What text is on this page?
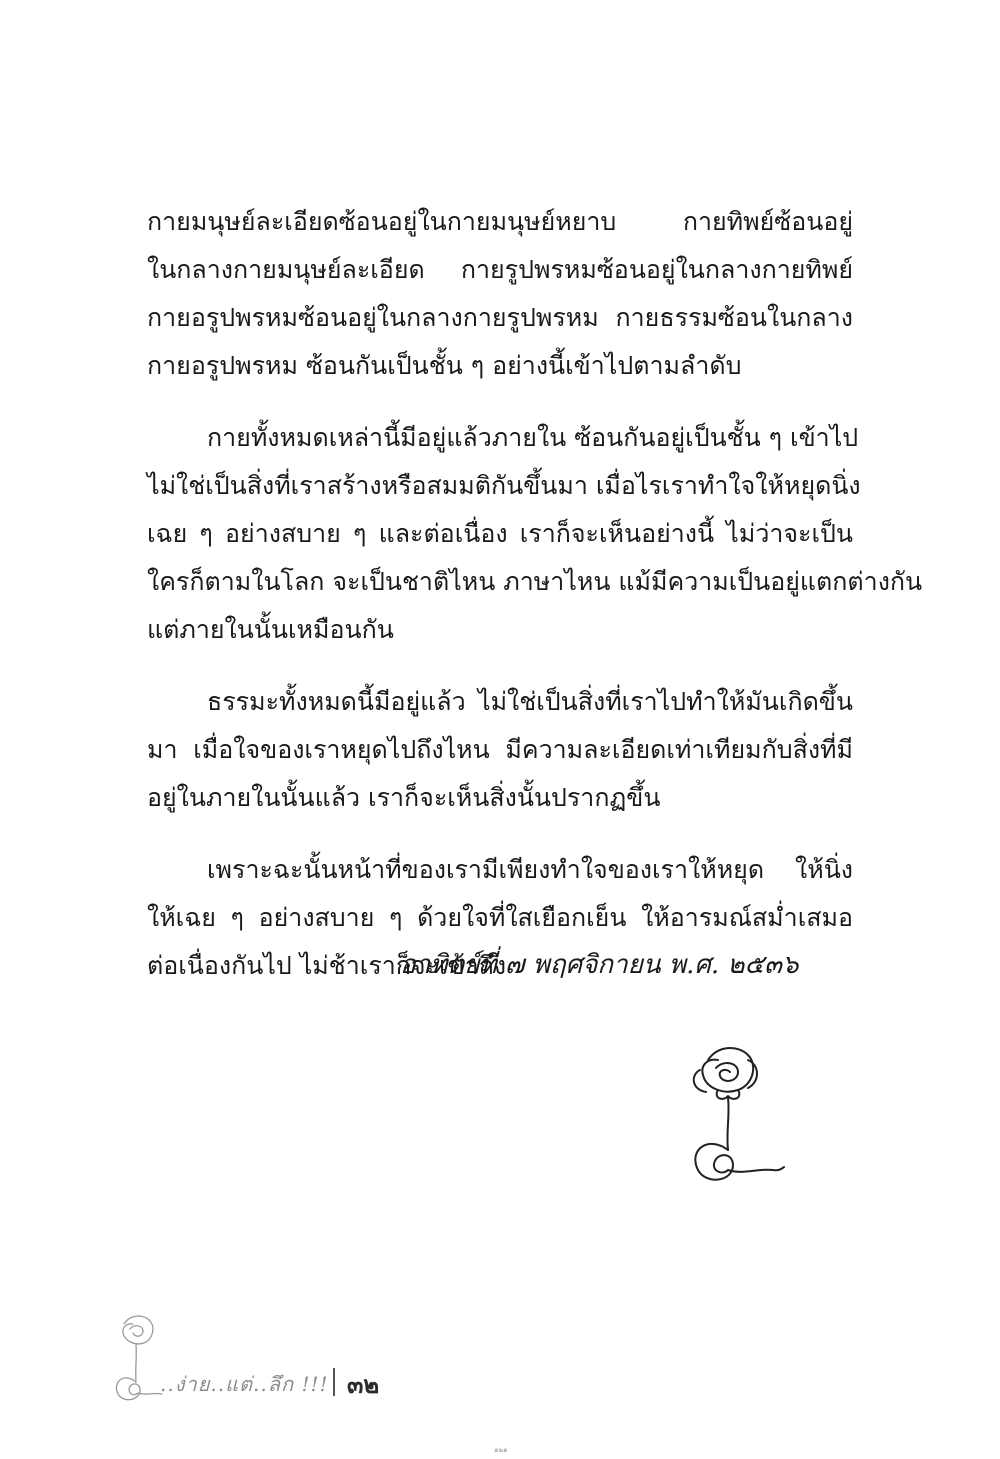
กายมนุษย์ละเอียดซ้อนอยู่ในกายมนุษย์หยาบ กายทิพย์ซ้อนอยู่
ในกลางกายมนุษย์ละเอียด กายรูปพรหมซ้อนอยู่ในกลางกายทิพย์
กายอรูปพรหมซ้อนอยู่ในกลางกายรูปพรหม กายธรรมซ้อนในกลาง
กายอรูปพรหม ซ้อนกันเป็นชั้น ๆ อย่างนี้เข้าไปตามลำดับ

กายทั้งหมดเหล่านี้มีอยู่แล้วภายใน ซ้อนกันอยู่เป็นชั้น ๆ เข้าไป
ไม่ใช่เป็นสิ่งที่เราสร้างหรือสมมติกันขึ้นมา เมื่อไรเราทำใจให้หยุดนิ่ง
เฉย ๆ อย่างสบาย ๆ และต่อเนื่อง เราก็จะเห็นอย่างนี้ ไม่ว่าจะเป็น
ใครก็ตามในโลก จะเป็นชาติไหน ภาษาไหน แม้มีความเป็นอยู่แตกต่างกัน
แต่ภายในนั้นเหมือนกัน

ธรรมะทั้งหมดนี้มีอยู่แล้ว ไม่ใช่เป็นสิ่งที่เราไปทำให้มันเกิดขึ้น
มา เมื่อใจของเราหยุดไปถึงไหน มีความละเอียดเท่าเทียมกับสิ่งที่มี
อยู่ในภายในนั้นแล้ว เราก็จะเห็นสิ่งนั้นปรากฏขึ้น

เพราะฉะนั้นหน้าที่ของเรามีเพียงทำใจของเราให้หยุด ให้นิ่ง
ให้เฉย ๆ อย่างสบาย ๆ ด้วยใจที่ใสเยือกเย็น ให้อารมณ์สม่ำเสมอ
ต่อเนื่องกันไป ไม่ช้าเราก็จะเข้าถึง

อาทิตย์ที่ ๗ พฤศจิกายน พ.ศ. ๒๕๓๖
..ง่าย..แต่..ลึก !!! ๓๒
๑๒๑
